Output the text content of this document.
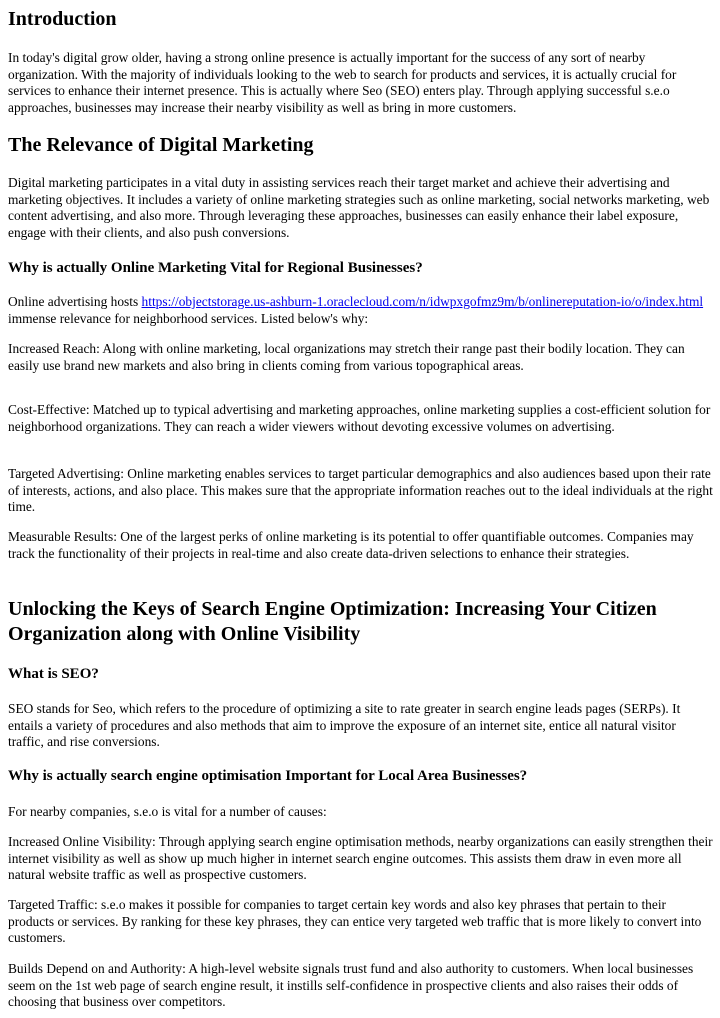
Introduction

In today's digital grow older, having a strong online presence is actually important for the success of any sort of nearby organization. With the majority of individuals looking to the web to search for products and services, it is actually crucial for services to enhance their internet presence. This is actually where Seo (SEO) enters play. Through applying successful s.e.o approaches, businesses may increase their nearby visibility as well as bring in more customers.

The Relevance of Digital Marketing

Digital marketing participates in a vital duty in assisting services reach their target market and achieve their advertising and marketing objectives. It includes a variety of online marketing strategies such as online marketing, social networks marketing, web content advertising, and also more. Through leveraging these approaches, businesses can easily enhance their label exposure, engage with their clients, and also push conversions.

Why is actually Online Marketing Vital for Regional Businesses?

Online advertising hosts https://objectstorage.us-ashburn-1.oraclecloud.com/n/idwpxgofmz9m/b/onlinereputation-io/o/index.html immense relevance for neighborhood services. Listed below's why:

Increased Reach: Along with online marketing, local organizations may stretch their range past their bodily location. They can easily use brand new markets and also bring in clients coming from various topographical areas.

Cost-Effective: Matched up to typical advertising and marketing approaches, online marketing supplies a cost-efficient solution for neighborhood organizations. They can reach a wider viewers without devoting excessive volumes on advertising.

Targeted Advertising: Online marketing enables services to target particular demographics and also audiences based upon their rate of interests, actions, and also place. This makes sure that the appropriate information reaches out to the ideal individuals at the right time.

Measurable Results: One of the largest perks of online marketing is its potential to offer quantifiable outcomes. Companies may track the functionality of their projects in real-time and also create data-driven selections to enhance their strategies.

Unlocking the Keys of Search Engine Optimization: Increasing Your Citizen Organization along with Online Visibility
What is SEO?

SEO stands for Seo, which refers to the procedure of optimizing a site to rate greater in search engine leads pages (SERPs). It entails a variety of procedures and also methods that aim to improve the exposure of an internet site, entice all natural visitor traffic, and rise conversions.

Why is actually search engine optimisation Important for Local Area Businesses?

For nearby companies, s.e.o is vital for a number of causes:

Increased Online Visibility: Through applying search engine optimisation methods, nearby organizations can easily strengthen their internet visibility as well as show up much higher in internet search engine outcomes. This assists them draw in even more all natural website traffic as well as prospective customers.

Targeted Traffic: s.e.o makes it possible for companies to target certain key words and also key phrases that pertain to their products or services. By ranking for these key phrases, they can entice very targeted web traffic that is more likely to convert into customers.

Builds Depend on and Authority: A high-level website signals trust fund and also authority to customers. When local businesses seem on the 1st web page of search engine result, it instills self-confidence in prospective clients and also raises their odds of choosing that business over competitors.
